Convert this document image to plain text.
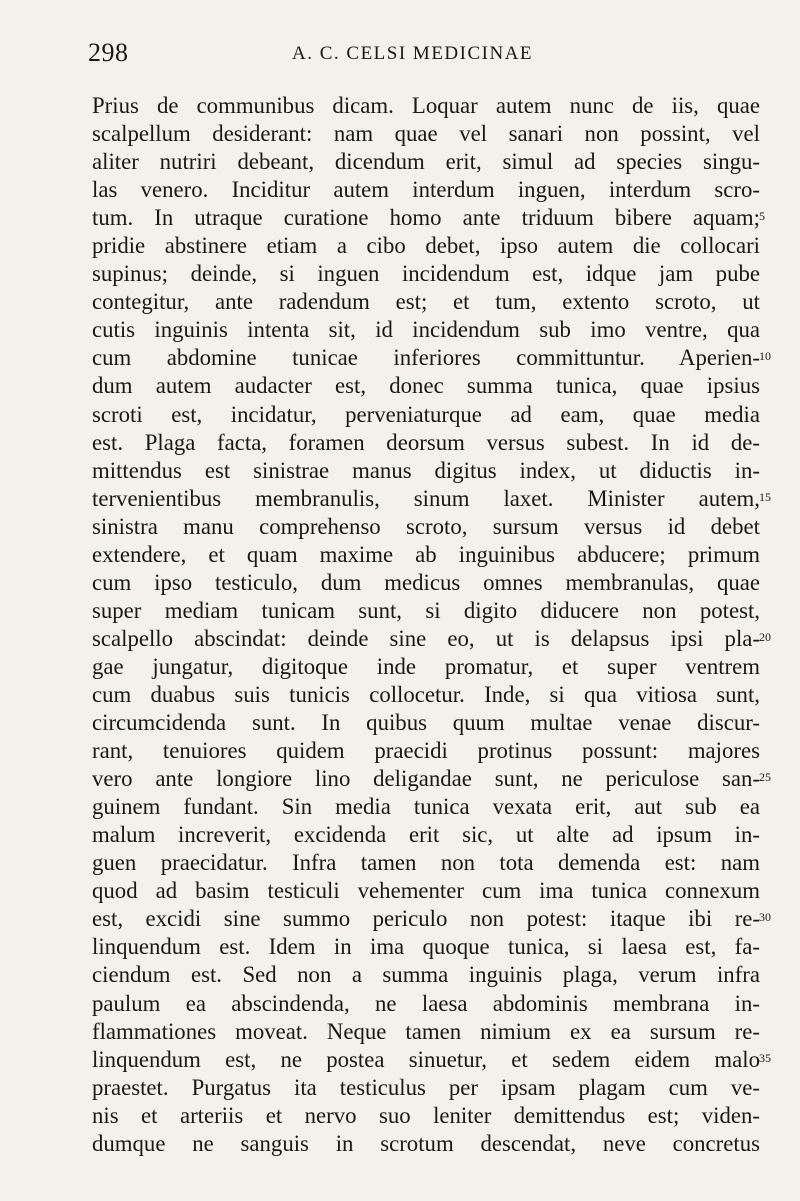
298	A. C. CELSI MEDICINAE
Prius de communibus dicam. Loquar autem nunc de iis, quae
scalpellum desiderant: nam quae vel sanari non possint, vel
aliter nutriri debeant, dicendum erit, simul ad species singu-
las venero. Inciditur autem interdum inguen, interdum scro-
tum. In utraque curatione homo ante triduum bibere aquam; 5
pridie abstinere etiam a cibo debet, ipso autem die collocari
supinus; deinde, si inguen incidendum est, idque jam pube
contegitur, ante radendum est; et tum, extento scroto, ut
cutis inguinis intenta sit, id incidendum sub imo ventre, qua
cum abdomine tunicae inferiores committuntur. Aperien- 10
dum autem audacter est, donec summa tunica, quae ipsius
scroti est, incidatur, perveniaturque ad eam, quae media
est. Plaga facta, foramen deorsum versus subest. In id de-
mittendus est sinistrae manus digitus index, ut diductis in-
tervenientibus membranulis, sinum laxet. Minister autem, 15
sinistra manu comprehenso scroto, sursum versus id debet
extendere, et quam maxime ab inguinibus abducere; primum
cum ipso testiculo, dum medicus omnes membranulas, quae
super mediam tunicam sunt, si digito diducere non potest,
scalpello abscindat: deinde sine eo, ut is delapsus ipsi pla- 20
gae jungatur, digitoque inde promatur, et super ventrem
cum duabus suis tunicis collocetur. Inde, si qua vitiosa sunt,
circumcidenda sunt. In quibus quum multae venae discur-
rant, tenuiores quidem praecidi protinus possunt: majores
vero ante longiore lino deligandae sunt, ne periculose san- 25
guinem fundant. Sin media tunica vexata erit, aut sub ea
malum increverit, excidenda erit sic, ut alte ad ipsum in-
guen praecidatur. Infra tamen non tota demenda est: nam
quod ad basim testiculi vehementer cum ima tunica connexum
est, excidi sine summo periculo non potest: itaque ibi re- 30
linquendum est. Idem in ima quoque tunica, si laesa est, fa-
ciendum est. Sed non a summa inguinis plaga, verum infra
paulum ea abscindenda, ne laesa abdominis membrana in-
flammationes moveat. Neque tamen nimium ex ea sursum re-
linquendum est, ne postea sinuetur, et sedem eidem malo 35
praestet. Purgatus ita testiculus per ipsam plagam cum ve-
nis et arteriis et nervo suo leniter demittendus est; viden-
dumque ne sanguis in scrotum descendat, neve concretus
